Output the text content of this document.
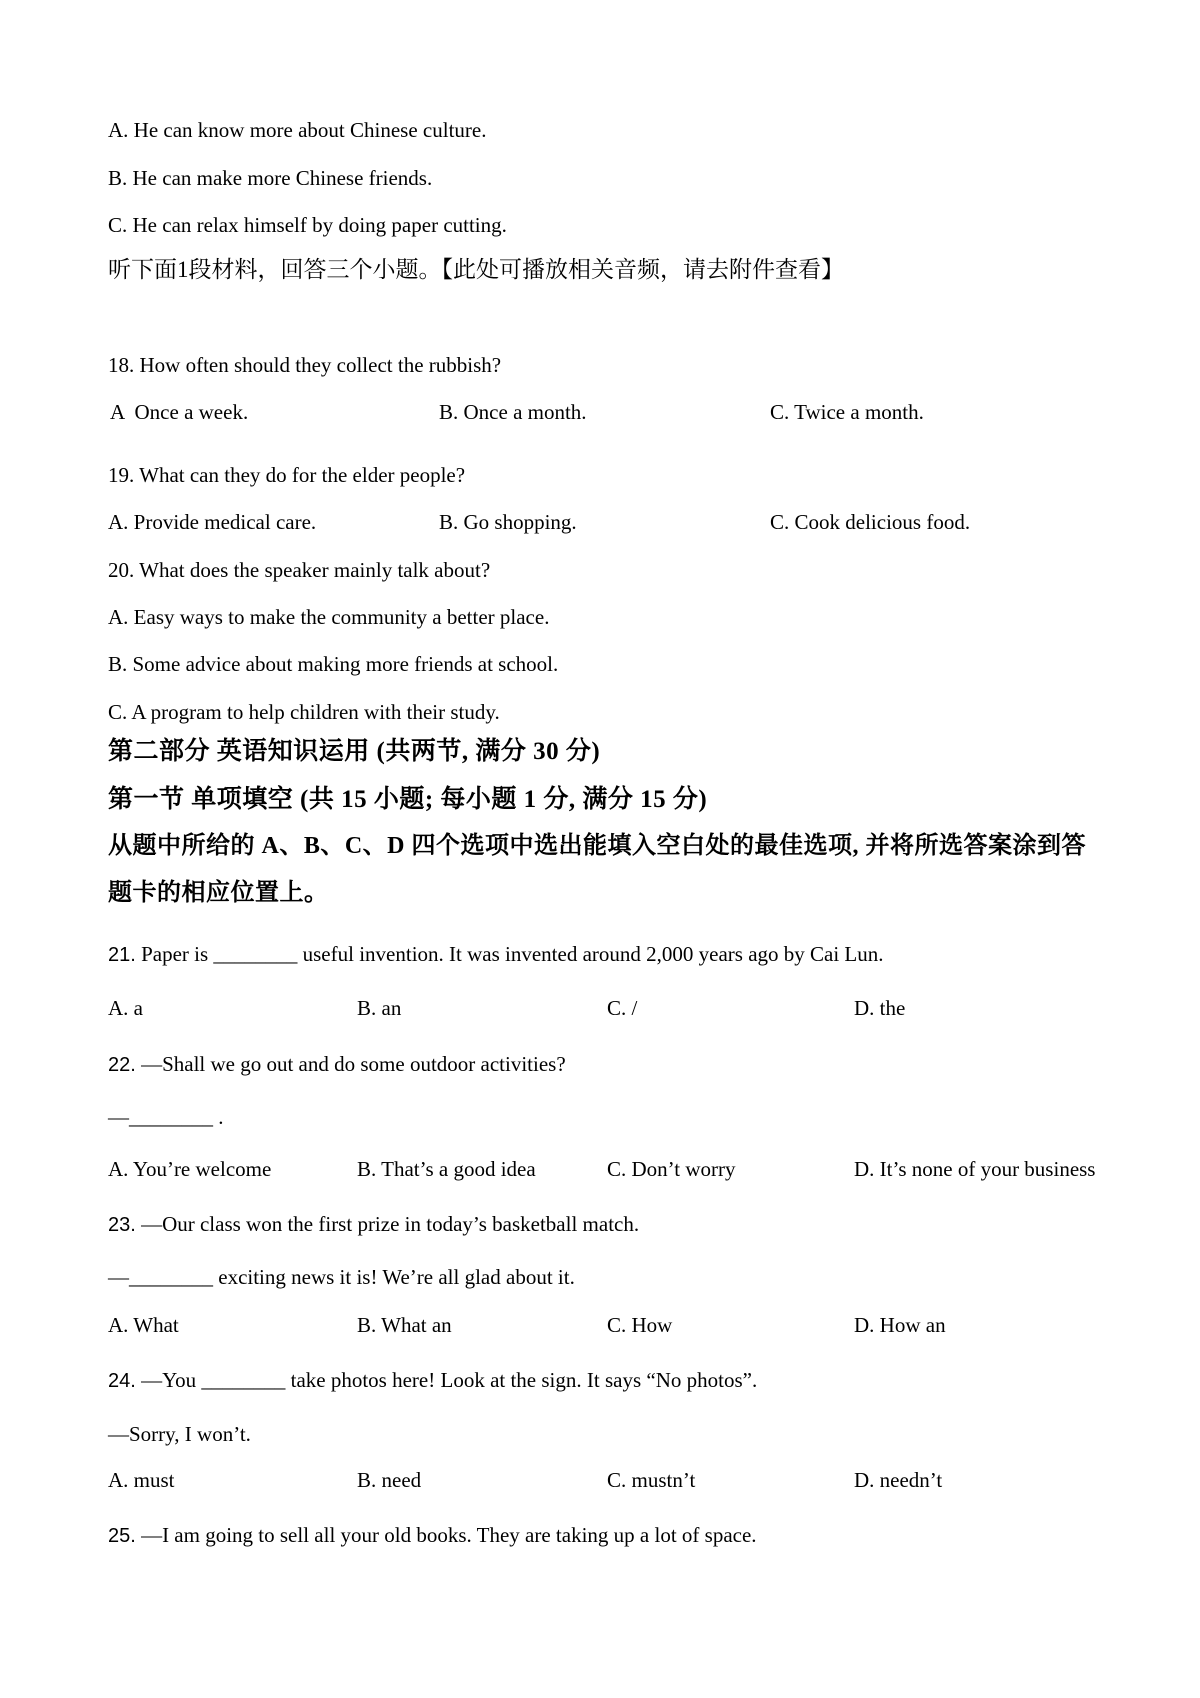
A. He can know more about Chinese culture.
B. He can make more Chinese friends.
C. He can relax himself by doing paper cutting.
听下面1段材料，回答三个小题。【此处可播放相关音频，请去附件查看】
18. How often should they collect the rubbish?
A  Once a week.	B. Once a month.	C. Twice a month.
19. What can they do for the elder people?
A. Provide medical care.	B. Go shopping.	C. Cook delicious food.
20. What does the speaker mainly talk about?
A. Easy ways to make the community a better place.
B. Some advice about making more friends at school.
C. A program to help children with their study.
第二部分 英语知识运用 (共两节, 满分 30 分)
第一节 单项填空 (共 15 小题; 每小题 1 分, 满分 15 分)
从题中所给的 A、B、C、D 四个选项中选出能填入空白处的最佳选项, 并将所选答案涂到答
题卡的相应位置上。
21. Paper is ________ useful invention. It was invented around 2,000 years ago by Cai Lun.
A. a	B. an	C. /	D. the
22. —Shall we go out and do some outdoor activities?
—________ .
A. You’re welcome	B. That’s a good idea	C. Don’t worry	D. It’s none of your business
23. —Our class won the first prize in today’s basketball match.
—________ exciting news it is! We’re all glad about it.
A. What	B. What an	C. How	D. How an
24. —You ________ take photos here! Look at the sign. It says “No photos”.
—Sorry, I won’t.
A. must	B. need	C. mustn’t	D. needn’t
25. —I am going to sell all your old books. They are taking up a lot of space.
